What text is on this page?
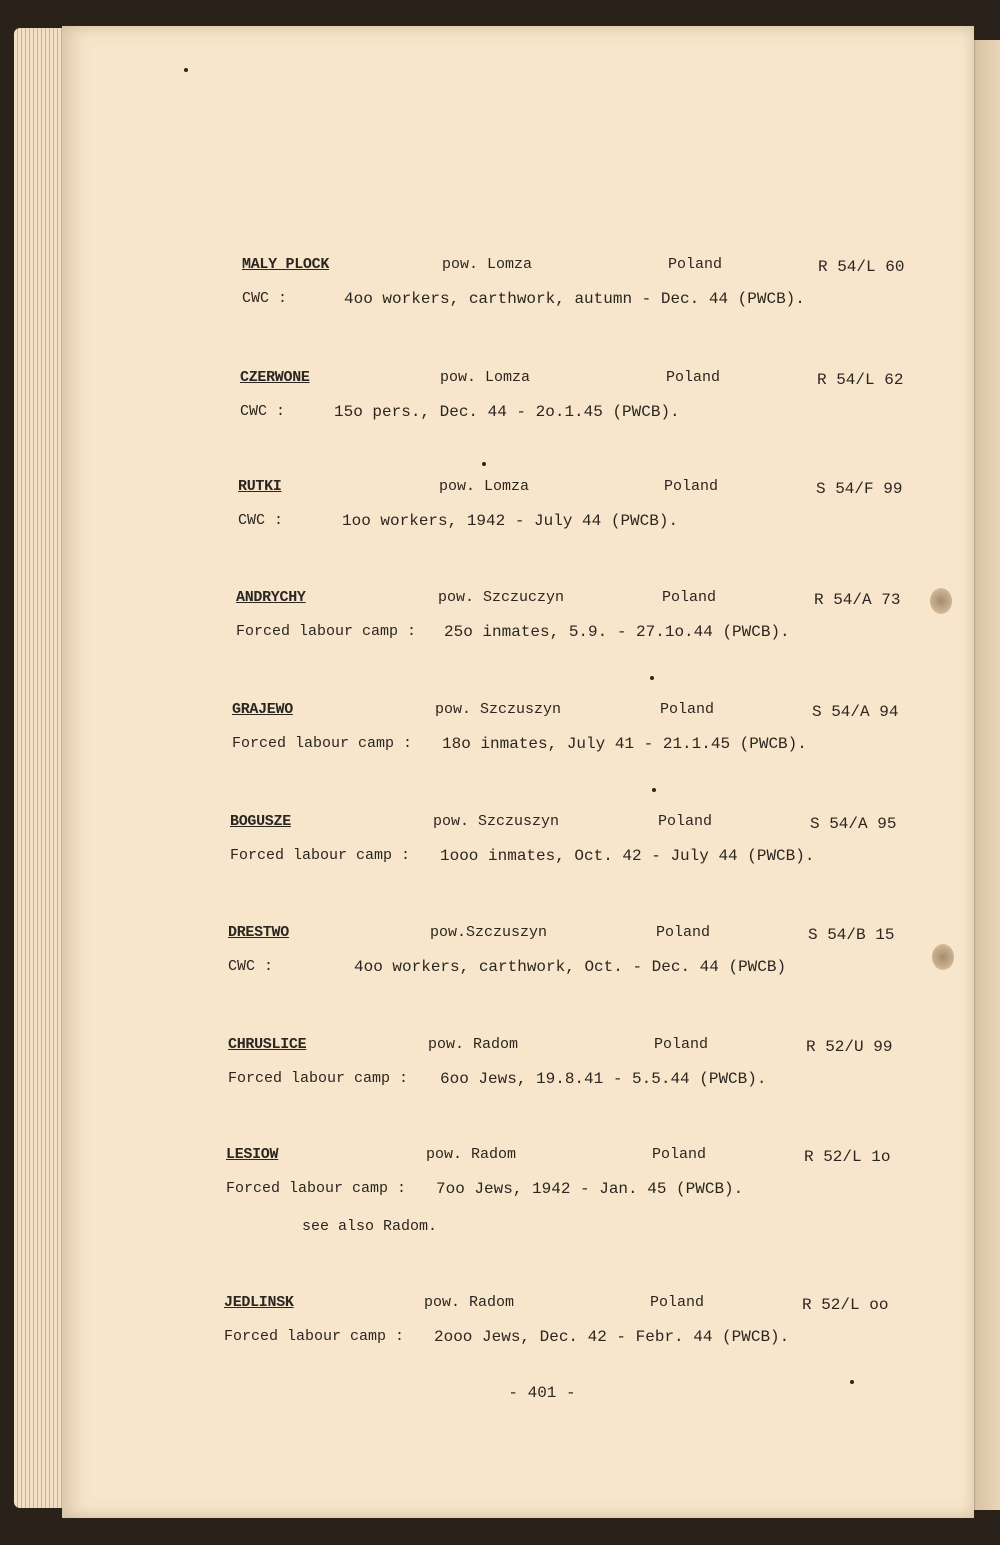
MALY PLOCK	pow. Lomza	Poland	R 54/L 60
CWC :	4oo workers, carthwork, autumn - Dec. 44 (PWCB).
CZERWONE	pow. Lomza	Poland	R 54/L 62
CWC :	15o pers., Dec. 44 - 2o.1.45 (PWCB).
RUTKI	pow. Lomza	Poland	S 54/F 99
CWC :	1oo workers, 1942 - July 44 (PWCB).
ANDRYCHY	pow. Szczuczyn	Poland	R 54/A 73
Forced labour camp : 25o inmates, 5.9. - 27.1o.44 (PWCB).
GRAJEWO	pow. Szczuszyn	Poland	S 54/A 94
Forced labour camp : 18o inmates, July 41 - 21.1.45 (PWCB).
BOGUSZE	pow. Szczuszyn	Poland	S 54/A 95
Forced labour camp : 1ooo inmates, Oct. 42 - July 44 (PWCB).
DRESTWO	pow.Szczuszyn	Poland	S 54/B 15
CWC :	4oo workers, carthwork, Oct. - Dec. 44 (PWCB)
CHRUSLICE	pow. Radom	Poland	R 52/U 99
Forced labour camp : 6oo Jews, 19.8.41 - 5.5.44 (PWCB).
LESIOW	pow. Radom	Poland	R 52/L 1o
Forced labour camp : 7oo Jews, 1942 - Jan. 45 (PWCB).
see also Radom.
JEDLINSK	pow. Radom	Poland	R 52/L oo
Forced labour camp : 2ooo Jews, Dec. 42 - Febr. 44 (PWCB).
- 401 -
